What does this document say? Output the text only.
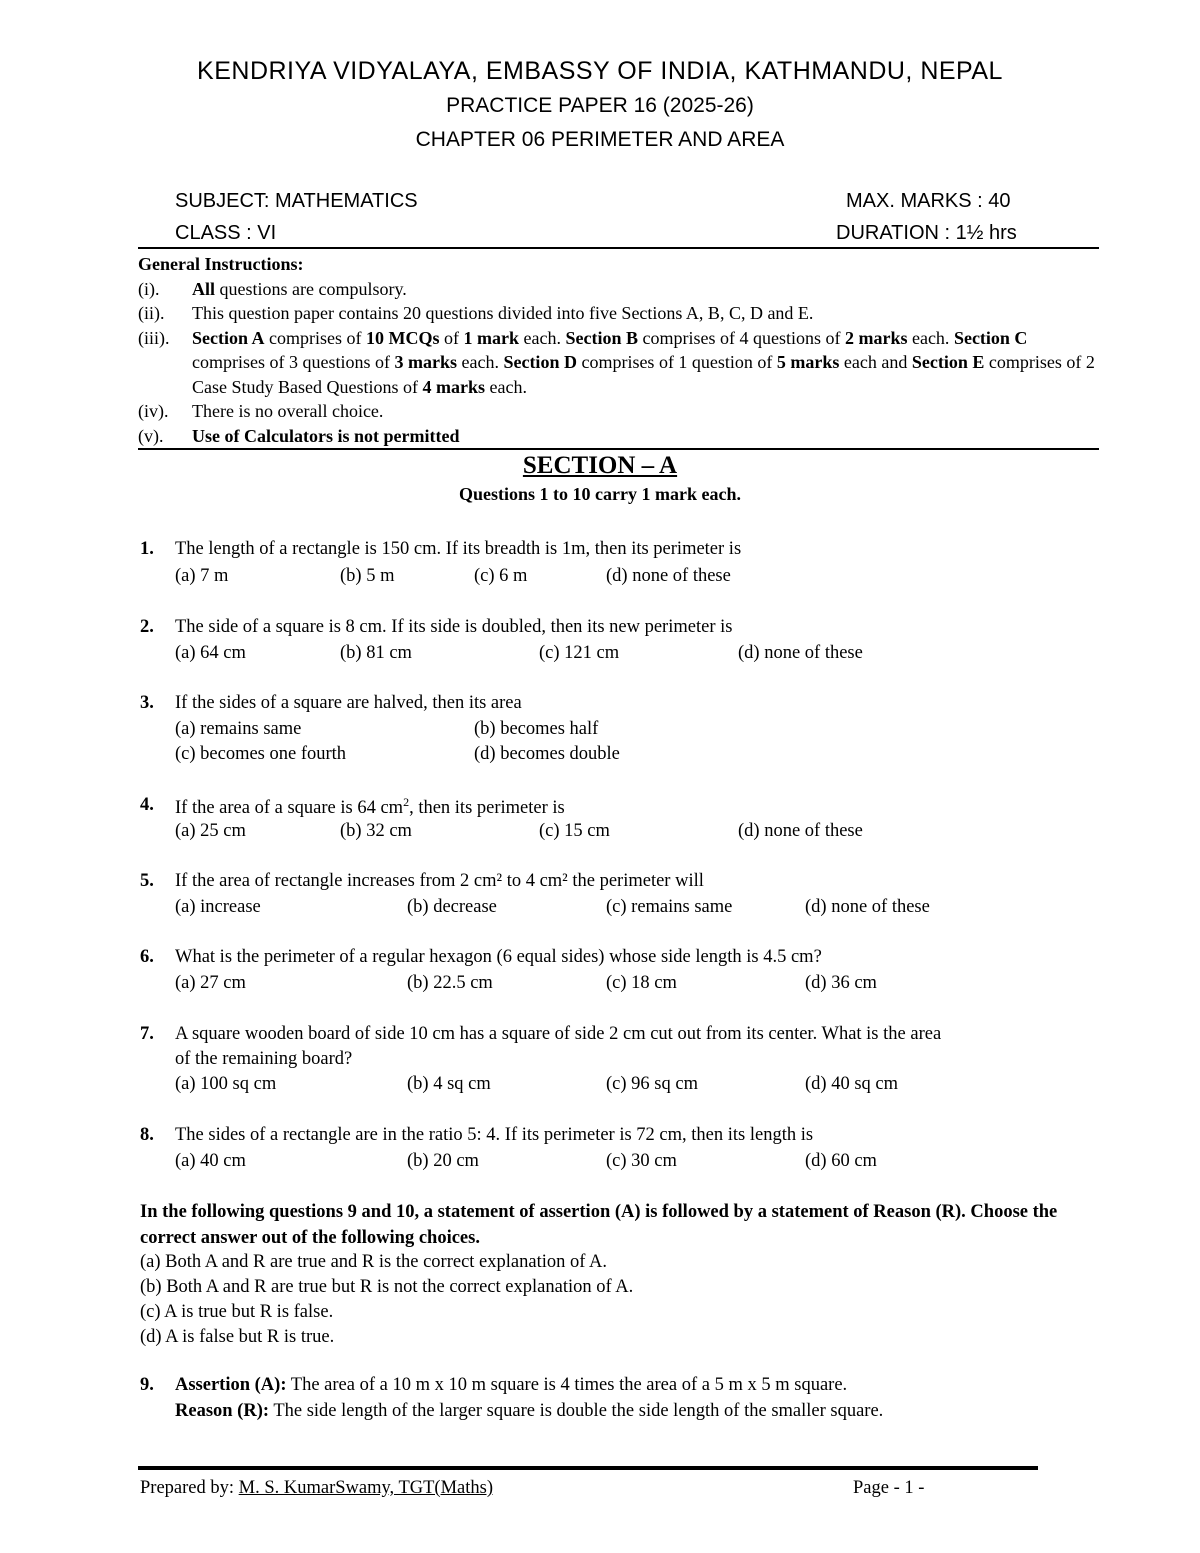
KENDRIYA VIDYALAYA, EMBASSY OF INDIA, KATHMANDU, NEPAL
PRACTICE PAPER 16 (2025-26)
CHAPTER 06 PERIMETER AND AREA
SUBJECT: MATHEMATICS	MAX. MARKS : 40
CLASS : VI	DURATION : 1½ hrs
General Instructions:
(i).	All questions are compulsory.
(ii).	This question paper contains 20 questions divided into five Sections A, B, C, D and E.
(iii).	Section A comprises of 10 MCQs of 1 mark each. Section B comprises of 4 questions of 2 marks each. Section C comprises of 3 questions of 3 marks each. Section D comprises of 1 question of 5 marks each and Section E comprises of 2 Case Study Based Questions of 4 marks each.
(iv).	There is no overall choice.
(v).	Use of Calculators is not permitted
SECTION – A
Questions 1 to 10 carry 1 mark each.
1. The length of a rectangle is 150 cm. If its breadth is 1m, then its perimeter is
(a) 7 m	(b) 5 m	(c) 6 m	(d) none of these
2. The side of a square is 8 cm. If its side is doubled, then its new perimeter is
(a) 64 cm	(b) 81 cm	(c) 121 cm	(d) none of these
3. If the sides of a square are halved, then its area
(a) remains same	(b) becomes half
(c) becomes one fourth	(d) becomes double
4. If the area of a square is 64 $cm^2$, then its perimeter is
(a) 25 cm	(b) 32 cm	(c) 15 cm	(d) none of these
5. If the area of rectangle increases from 2 cm² to 4 cm² the perimeter will
(a) increase	(b) decrease	(c) remains same	(d) none of these
6. What is the perimeter of a regular hexagon (6 equal sides) whose side length is 4.5 cm?
(a) 27 cm	(b) 22.5 cm	(c) 18 cm	(d) 36 cm
7. A square wooden board of side 10 cm has a square of side 2 cm cut out from its center. What is the area
of the remaining board?
(a) 100 sq cm	(b) 4 sq cm	(c) 96 sq cm	(d) 40 sq cm
8. The sides of a rectangle are in the ratio 5: 4. If its perimeter is 72 cm, then its length is
(a) 40 cm	(b) 20 cm	(c) 30 cm	(d) 60 cm
In the following questions 9 and 10, a statement of assertion (A) is followed by a statement of Reason (R). Choose the correct answer out of the following choices.
(a) Both A and R are true and R is the correct explanation of A.
(b) Both A and R are true but R is not the correct explanation of A.
(c) A is true but R is false.
(d) A is false but R is true.
9. Assertion (A): The area of a 10 m x 10 m square is 4 times the area of a 5 m x 5 m square.
Reason (R): The side length of the larger square is double the side length of the smaller square.
Prepared by: M. S. KumarSwamy, TGT(Maths)	Page - 1 -
